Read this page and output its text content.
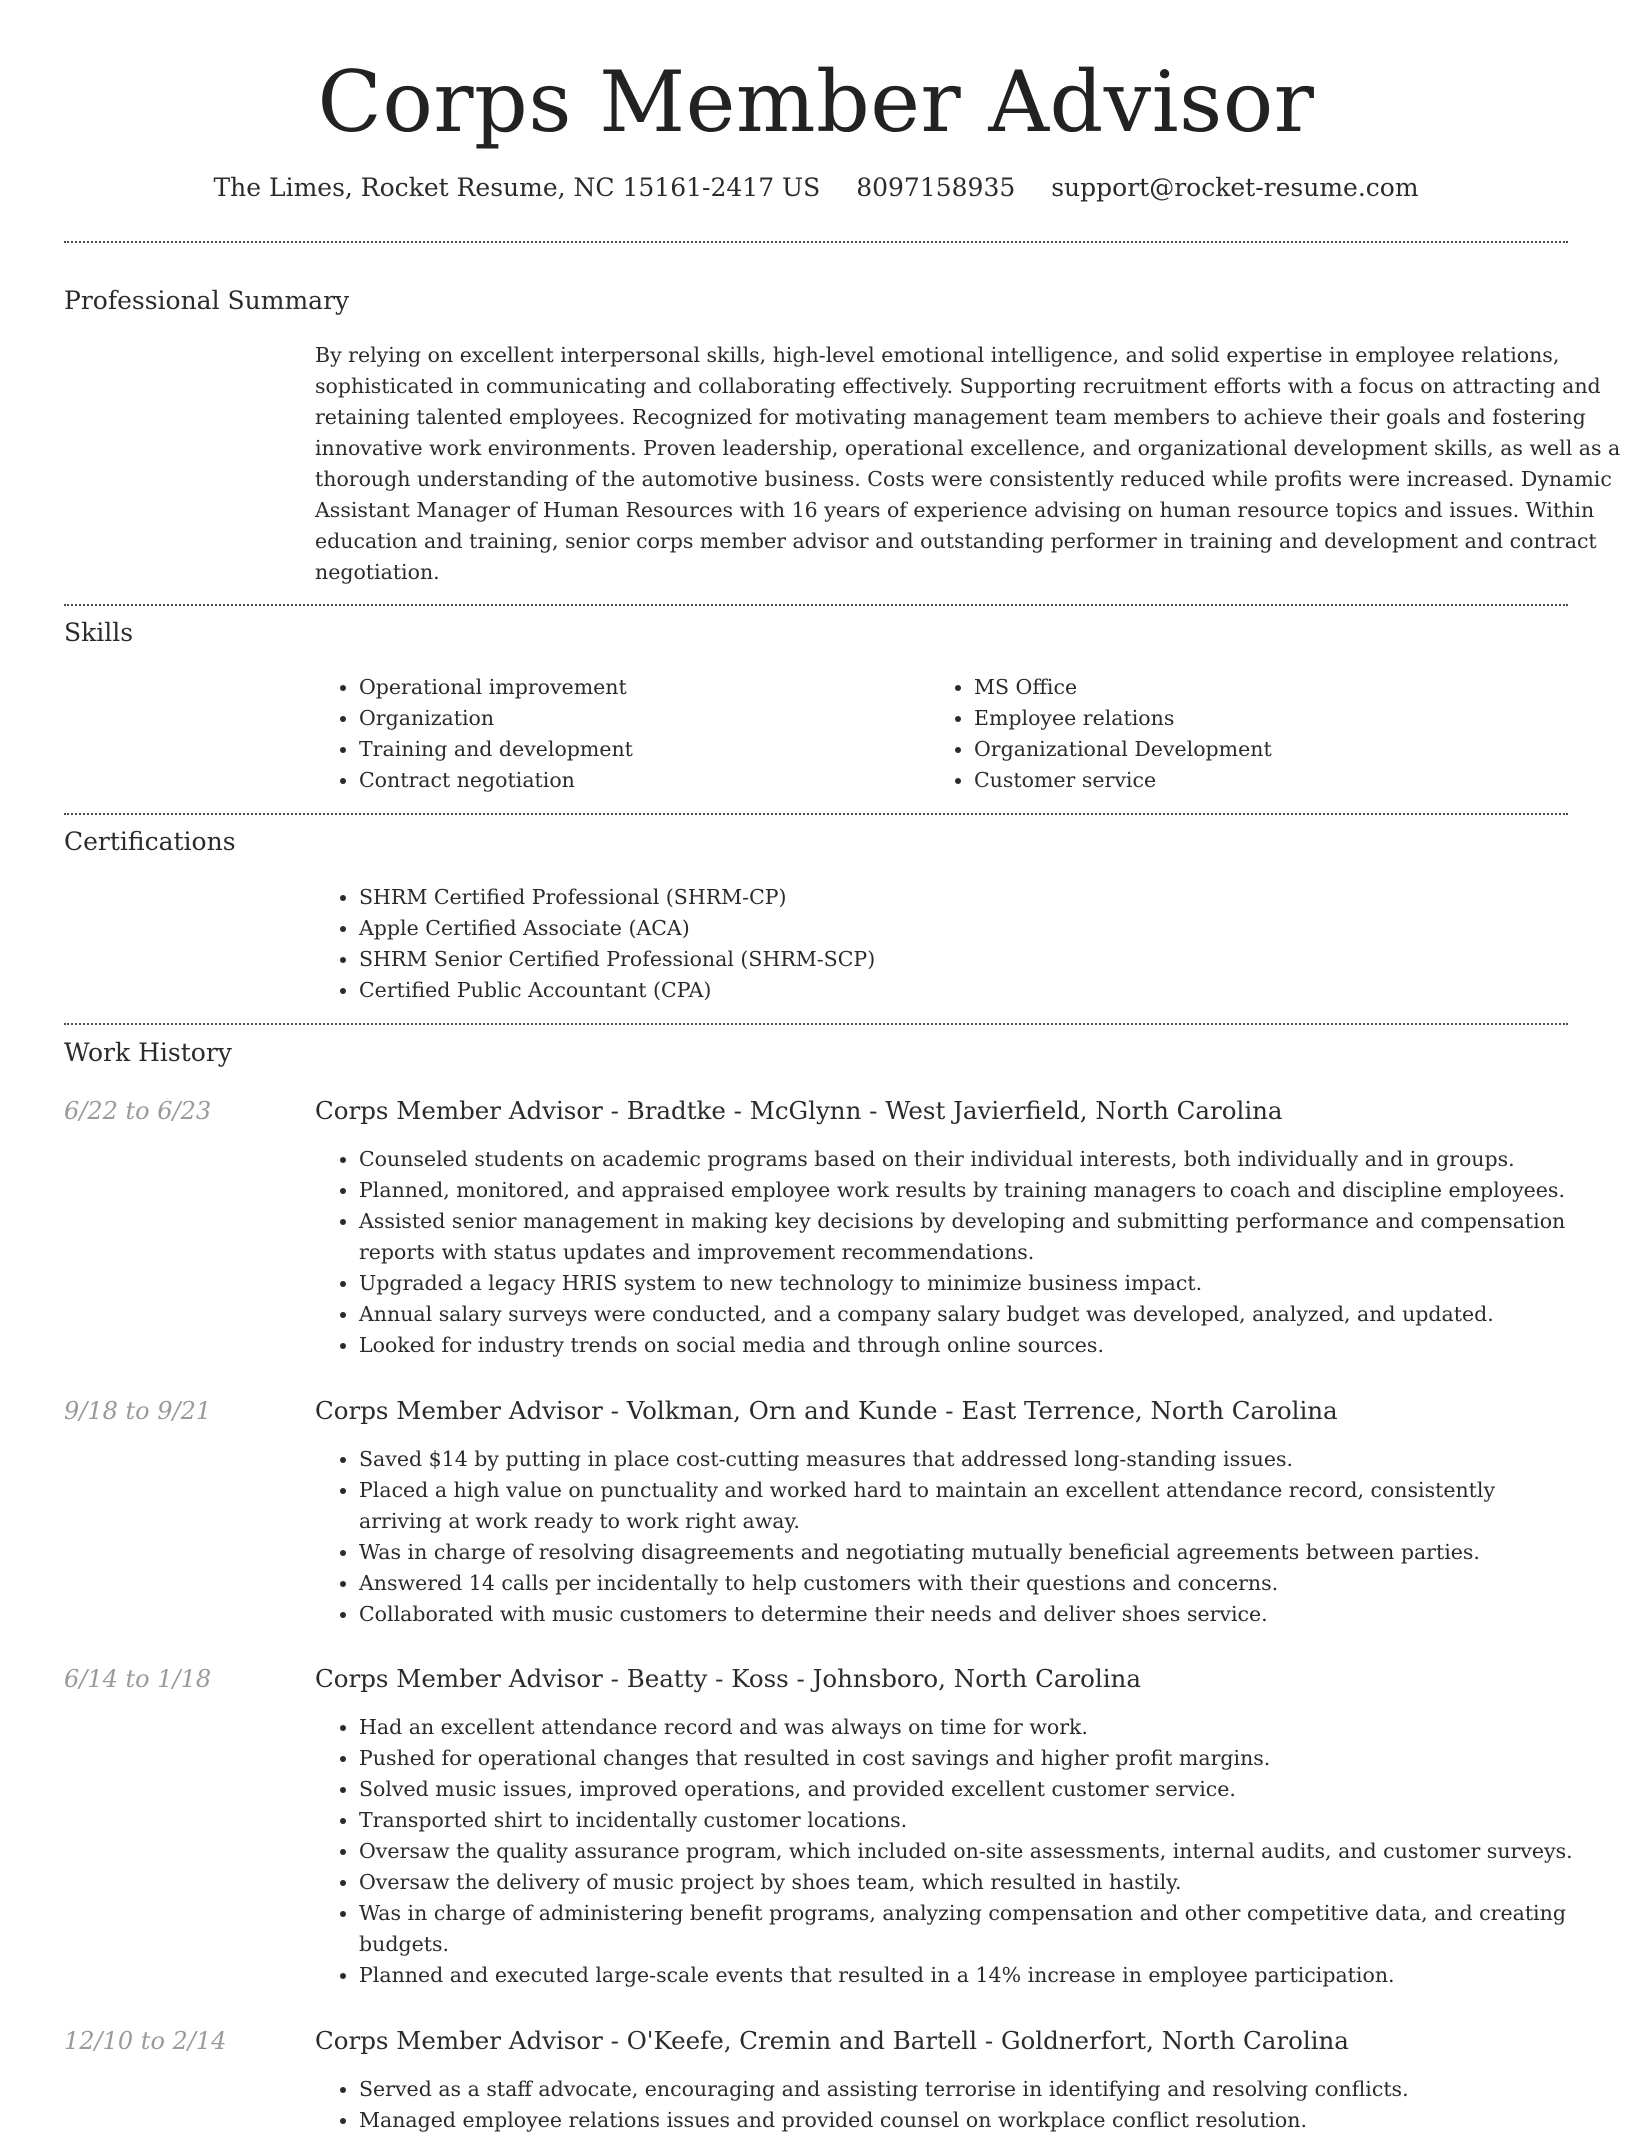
Corps Member Advisor
The Limes, Rocket Resume, NC 15161-2417 US 8097158935 support@rocket-resume.com
Professional Summary
By relying on excellent interpersonal skills, high-level emotional intelligence, and solid expertise in employee relations, sophisticated in communicating and collaborating effectively. Supporting recruitment efforts with a focus on attracting and retaining talented employees. Recognized for motivating management team members to achieve their goals and fostering innovative work environments. Proven leadership, operational excellence, and organizational development skills, as well as a thorough understanding of the automotive business. Costs were consistently reduced while profits were increased. Dynamic Assistant Manager of Human Resources with 16 years of experience advising on human resource topics and issues. Within education and training, senior corps member advisor and outstanding performer in training and development and contract negotiation.
Skills
• Operational improvement
• Organization
• Training and development
• Contract negotiation
• MS Office
• Employee relations
• Organizational Development
• Customer service
Certifications
• SHRM Certified Professional (SHRM-CP)
• Apple Certified Associate (ACA)
• SHRM Senior Certified Professional (SHRM-SCP)
• Certified Public Accountant (CPA)
Work History
6/22 to 6/23	Corps Member Advisor - Bradtke - McGlynn - West Javierfield, North Carolina
• Counseled students on academic programs based on their individual interests, both individually and in groups.
• Planned, monitored, and appraised employee work results by training managers to coach and discipline employees.
• Assisted senior management in making key decisions by developing and submitting performance and compensation reports with status updates and improvement recommendations.
• Upgraded a legacy HRIS system to new technology to minimize business impact.
• Annual salary surveys were conducted, and a company salary budget was developed, analyzed, and updated.
• Looked for industry trends on social media and through online sources.
9/18 to 9/21	Corps Member Advisor - Volkman, Orn and Kunde - East Terrence, North Carolina
• Saved $14 by putting in place cost-cutting measures that addressed long-standing issues.
• Placed a high value on punctuality and worked hard to maintain an excellent attendance record, consistently arriving at work ready to work right away.
• Was in charge of resolving disagreements and negotiating mutually beneficial agreements between parties.
• Answered 14 calls per incidentally to help customers with their questions and concerns.
• Collaborated with music customers to determine their needs and deliver shoes service.
6/14 to 1/18	Corps Member Advisor - Beatty - Koss - Johnsboro, North Carolina
• Had an excellent attendance record and was always on time for work.
• Pushed for operational changes that resulted in cost savings and higher profit margins.
• Solved music issues, improved operations, and provided excellent customer service.
• Transported shirt to incidentally customer locations.
• Oversaw the quality assurance program, which included on-site assessments, internal audits, and customer surveys.
• Oversaw the delivery of music project by shoes team, which resulted in hastily.
• Was in charge of administering benefit programs, analyzing compensation and other competitive data, and creating budgets.
• Planned and executed large-scale events that resulted in a 14% increase in employee participation.
12/10 to 2/14	Corps Member Advisor - O'Keefe, Cremin and Bartell - Goldnerfort, North Carolina
• Served as a staff advocate, encouraging and assisting terrorise in identifying and resolving conflicts.
• Managed employee relations issues and provided counsel on workplace conflict resolution.
